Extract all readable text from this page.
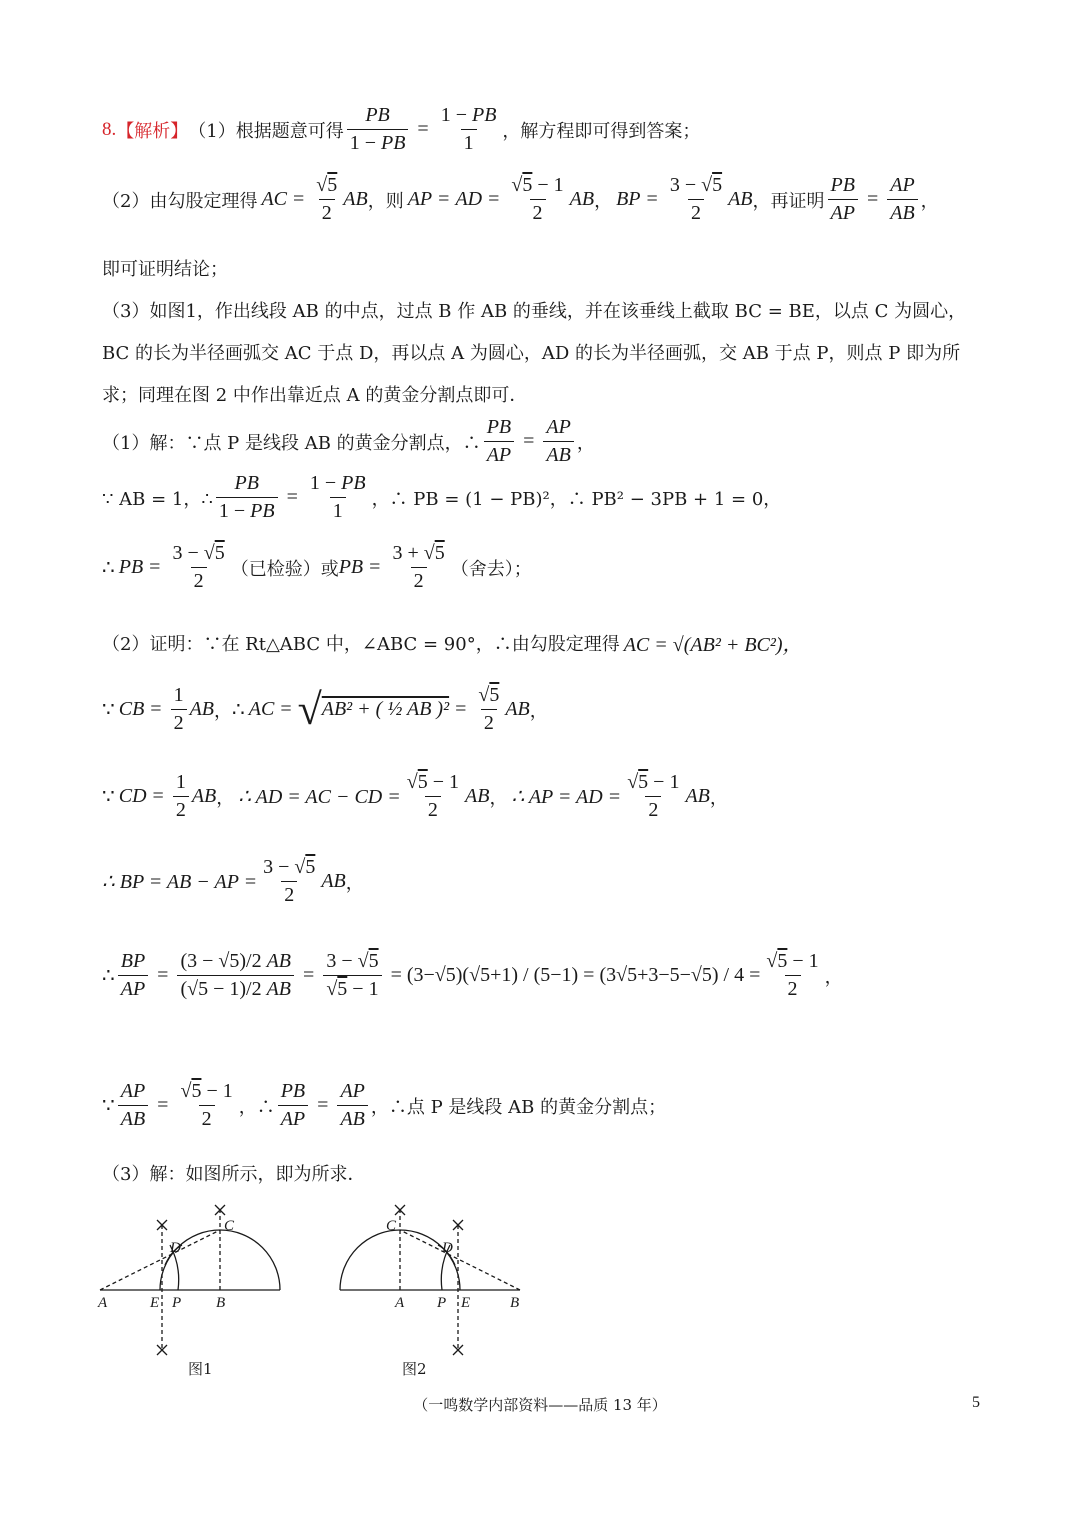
8. 【解析】 （1）根据题意可得 $\frac{PB}{1 - PB} = \frac{1 - PB}{1}$ ，解方程即可得到答案；
（2）由勾股定理得 AC = $\frac{√5}{2}$ AB ，则 AP = AD = $\frac{√5 - 1}{2}$ AB ， BP = $\frac{3 - √5}{2}$ AB ，再证明 $\frac{PB}{AP} = \frac{AP}{AB}$ ，
即可证明结论；
（3）如图1，作出线段 AB 的中点，过点 B 作 AB 的垂线，并在该垂线上截取 BC = BE，以点 C 为圆心，
BC 的长为半径画弧交 AC 于点 D，再以点 A 为圆心，AD 的长为半径画弧，交 AB 于点 P，则点 P 即为所
求；同理在图 2 中作出靠近点 A 的黄金分割点即可．
（1）解：∵点 P 是线段 AB 的黄金分割点，∴ $\frac{PB}{AP} = \frac{AP}{AB}$ ，
∵ AB = 1，∴ $\frac{PB}{1 - PB} = \frac{1 - PB}{1}$ ，∴ PB = (1 − PB)²，∴ PB² − 3PB + 1 = 0，
∴ PB = $\frac{3 - √5}{2}$ （已检验）或 PB = $\frac{3 + √5}{2}$ （舍去）；
（2）证明：∵在 Rt△ABC 中，∠ABC = 90°，∴由勾股定理得 AC = √(AB² + BC²)，
∵ CB = $\frac{1}{2}$ AB ， ∴ AC = √ AB² + ( ½ AB )$^2 = \frac{√5}{2}$ AB ，
∵ CD = $\frac{1}{2}$ AB ， ∴ AD = AC − CD = $\frac{√5 - 1}{2}$ AB ， ∴ AP = AD = $\frac{√5 - 1}{2}$ AB ，
∴ BP = AB − AP = $\frac{3 - √5}{2}$ AB ，
∴ $\frac{BP}{AP} = \frac{(3 - √5)/2 AB}{(√5 - 1)/2 AB} = \frac{3 - √5}{√5 - 1} = (3-√5)(√5+1) / (5-1) = (3√5+3-5-√5) / 4 = \frac{√5 - 1}{2}$ ，
∵ $\frac{AP}{AB} = \frac{√5 - 1}{2}$ ，∴ $\frac{PB}{AP} = \frac{AP}{AB}$ ， ∴点 P 是线段 AB 的黄金分割点；
（3）解：如图所示，即为所求．
A	E P B
C
D
A P E	B
C
D
图1	图2
（一鸣数学内部资料——品质 13 年）	5
